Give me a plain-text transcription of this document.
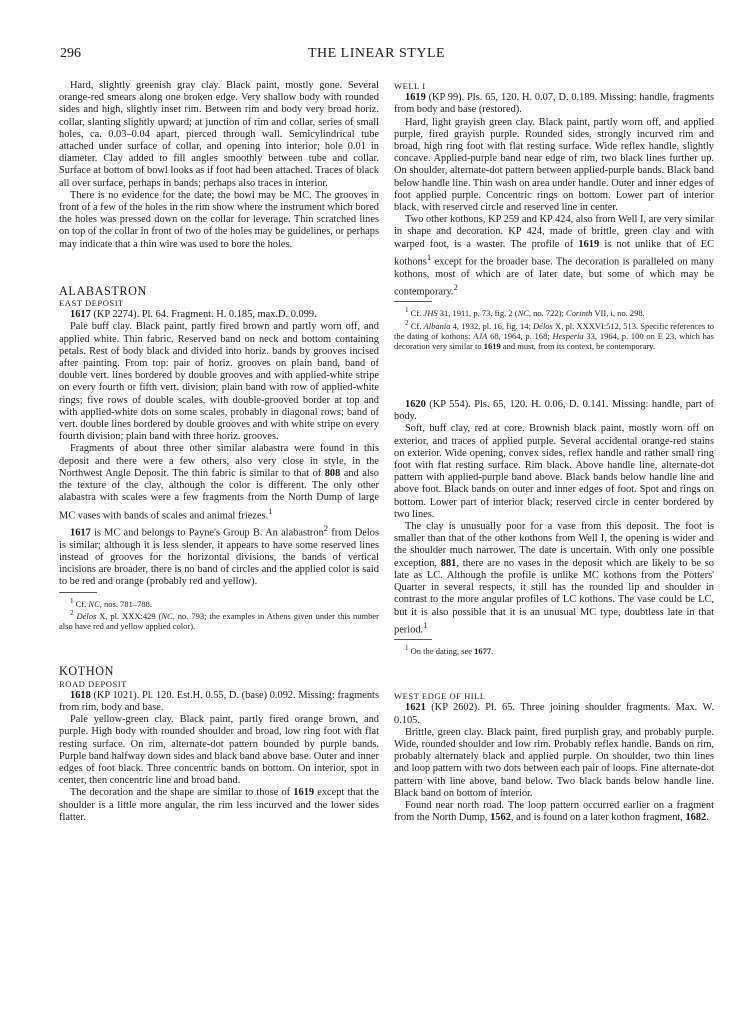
296	THE LINEAR STYLE

Hard, slightly greenish gray clay. Black paint, mostly gone. Several orange-red smears along one broken edge. Very shallow body with rounded sides and high, slightly inset rim. Between rim and body very broad horiz. collar, slanting slightly upward; at junction of rim and collar, series of small holes, ca. 0.03–0.04 apart, pierced through wall. Semicylindrical tube attached under surface of collar, and opening into interior; hole 0.01 in diameter. Clay added to fill angles smoothly between tube and collar. Surface at bottom of bowl looks as if foot had been attached. Traces of black all over surface, perhaps in bands; perhaps also traces in interior.

There is no evidence for the date; the bowl may be MC. The grooves in front of a few of the holes in the rim show where the instrument which bored the holes was pressed down on the collar for leverage. Thin scratched lines on top of the collar in front of two of the holes may be guidelines, or perhaps may indicate that a thin wire was used to bore the holes.

ALABASTRON

EAST DEPOSIT

1617 (KP 2274). Pl. 64. Fragment. H. 0.185, max.D. 0.099.

Pale buff clay. Black paint, partly fired brown and partly worn off, and applied white. Thin fabric. Reserved band on neck and bottom containing petals. Rest of body black and divided into horiz. bands by grooves incised after painting. From top: pair of horiz. grooves on plain band, band of double vert. lines bordered by double grooves and with applied-white stripe on every fourth or fifth vert. division; plain band with row of applied-white rings; five rows of double scales, with double-grooved border at top and with applied-white dots on some scales, probably in diagonal rows; band of vert. double lines bordered by double grooves and with white stripe on every fourth division; plain band with three horiz. grooves.

Fragments of about three other similar alabastra were found in this deposit and there were a few others, also very close in style, in the Northwest Angle Deposit. The thin fabric is similar to that of 808 and also the texture of the clay, although the color is different. The only other alabastra with scales were a few fragments from the North Dump of large MC vases with bands of scales and animal friezes.$^1$

1617 is MC and belongs to Payne's Group B. An alabastron$^2$ from Delos is similar; although it is less slender, it appears to have some reserved lines instead of grooves for the horizontal divisions, the bands of vertical incisions are broader, there is no band of circles and the applied color is said to be red and orange (probably red and yellow).

$^1$ Cf. NC, nos. 781–788.

$^2$ Délos X, pl. XXX:429 (NC, no. 793; the examples in Athens given under this number also have red and yellow applied color).

KOTHON

ROAD DEPOSIT

1618 (KP 1021). Pl. 120. Est.H. 0.55, D. (base) 0.092. Missing: fragments from rim, body and base.

Pale yellow-green clay. Black paint, partly fired orange brown, and purple. High body with rounded shoulder and broad, low ring foot with flat resting surface. On rim, alternate-dot pattern bounded by purple bands. Purple band halfway down sides and black band above base. Outer and inner edges of foot black. Three concentric bands on bottom. On interior, spot in center, then concentric line and broad band.

The decoration and the shape are similar to those of 1619 except that the shoulder is a little more angular, the rim less incurved and the lower sides flatter.

WELL I

1619 (KP 99). Pls. 65, 120. H. 0.07, D. 0.189. Missing: handle, fragments from body and base (restored).

Hard, light grayish green clay. Black paint, partly worn off, and applied purple, fired grayish purple. Rounded sides, strongly incurved rim and broad, high ring foot with flat resting surface. Wide reflex handle, slightly concave. Applied-purple band near edge of rim, two black lines further up. On shoulder, alternate-dot pattern between applied-purple bands. Black band below handle line. Thin wash on area under handle. Outer and inner edges of foot applied purple. Concentric rings on bottom. Lower part of interior black, with reserved circle and reserved line in center.

Two other kothons, KP 259 and KP 424, also from Well I, are very similar in shape and decoration. KP 424, made of brittle, green clay and with warped foot, is a waster. The profile of 1619 is not unlike that of EC kothons$^1$ except for the broader base. The decoration is paralleled on many kothons, most of which are of later date, but some of which may be contemporary.$^2$

$^1$ Cf. JHS 31, 1911, p. 73, fig. 2 (NC, no. 722); Corinth VII, i, no. 298.

$^2$ Cf. Albania 4, 1932, pl. 16, fig. 14; Délos X, pl. XXXVI:512, 513. Specific references to the dating of kothons: AJA 68, 1964, p. 168; Hesperia 33, 1964, p. 100 on E 23, which has decoration very similar to 1619 and must, from its context, be contemporary.

1620 (KP 554). Pls. 65, 120. H. 0.06, D. 0.141. Missing: handle, part of body.

Soft, buff clay, red at core. Brownish black paint, mostly worn off on exterior, and traces of applied purple. Several accidental orange-red stains on exterior. Wide opening, convex sides, reflex handle and rather small ring foot with flat resting surface. Rim black. Above handle line, alternate-dot pattern with applied-purple band above. Black bands below handle line and above foot. Black bands on outer and inner edges of foot. Spot and rings on bottom. Lower part of interior black; reserved circle in center bordered by two lines.

The clay is unusually poor for a vase from this deposit. The foot is smaller than that of the other kothons from Well I, the opening is wider and the shoulder much narrower. The date is uncertain. With only one possible exception, 881, there are no vases in the deposit which are likely to be so late as LC. Although the profile is unlike MC kothons from the Potters' Quarter in several respects, it still has the rounded lip and shoulder in contrast to the more angular profiles of LC kothons. The vase could be LC, but it is also possible that it is an unusual MC type, doubtless late in that period.$^1$

$^1$ On the dating, see 1677.

WEST EDGE OF HILL

1621 (KP 2602). Pl. 65. Three joining shoulder fragments. Max. W. 0.105.

Brittle, green clay. Black paint, fired purplish gray, and probably purple. Wide, rounded shoulder and low rim. Probably reflex handle. Bands on rim, probably alternately black and applied purple. On shoulder, two thin lines and loop pattern with two dots between each pair of loops. Fine alternate-dot pattern with line above, band below. Two black bands below handle line. Black band on bottom of interior.

Found near north road. The loop pattern occurred earlier on a fragment from the North Dump, 1562, and is found on a later kothon fragment, 1682.
